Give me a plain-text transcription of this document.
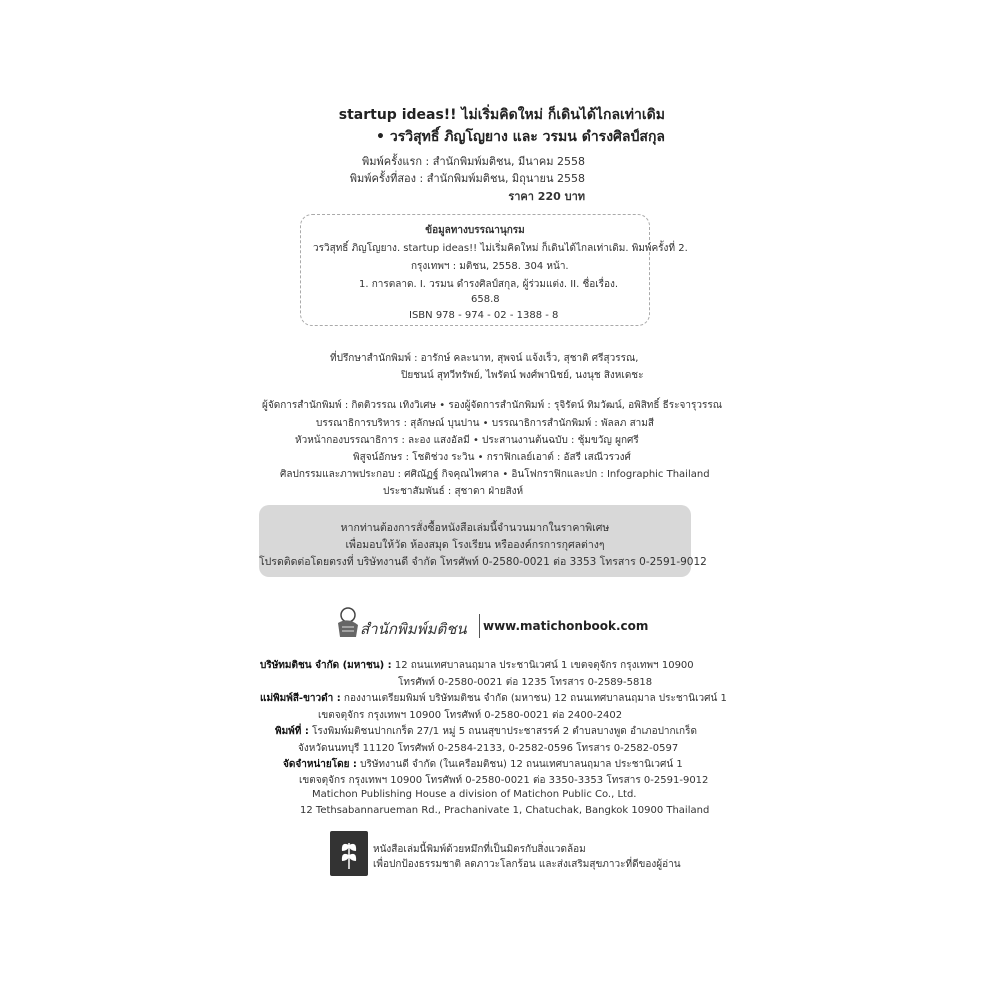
startup ideas!! ไม่เริ่มคิดใหม่ ก็เดินได้ไกลเท่าเดิม
• วรวิสุทธิ์ ภิญโญยาง และ วรมน ดำรงศิลป์สกุล
พิมพ์ครั้งแรก : สำนักพิมพ์มติชน, มีนาคม 2558
พิมพ์ครั้งที่สอง : สำนักพิมพ์มติชน, มิถุนายน 2558
ราคา 220 บาท
ข้อมูลทางบรรณานุกรม
วรวิสุทธิ์ ภิญโญยาง. startup ideas!! ไม่เริ่มคิดใหม่ ก็เดินได้ไกลเท่าเดิม. พิมพ์ครั้งที่ 2.
กรุงเทพฯ : มติชน, 2558. 304 หน้า.
1. การตลาด. I. วรมน ดำรงศิลป์สกุล, ผู้ร่วมแต่ง. II. ชื่อเรื่อง.
658.8
ISBN 978 - 974 - 02 - 1388 - 8
ที่ปรึกษาสำนักพิมพ์ : อารักษ์ คละนาท, สุพจน์ แจ้งเร็ว, สุชาติ ศรีสุวรรณ,
ปิยชนน์ สุทวีทรัพย์, ไพรัตน์ พงศ์พานิชย์, นงนุช สิงหเดชะ
ผู้จัดการสำนักพิมพ์ : กิตติวรรณ เทิงวิเศษ • รองผู้จัดการสำนักพิมพ์ : รุจิรัตน์ ทิมวัฒน์, อพิสิทธิ์ ธีระจารุวรรณ
บรรณาธิการบริหาร : สุลักษณ์ บุนปาน • บรรณาธิการสำนักพิมพ์ : พัลลภ สามสี
หัวหน้ากองบรรณาธิการ : ละอง แสงอัลมี • ประสานงานต้นฉบับ : ชุ้มขวัญ ผูกศรี
พิสูจน์อักษร : โชติช่วง ระวิน • กราฟิกเลย์เอาต์ : อัสรี เสณีวรวงศ์
ศิลปกรรมและภาพประกอบ : ศศิณัฏฐ์ กิจคุณไพศาล • อินโฟกราฟิกและปก : Infographic Thailand
ประชาสัมพันธ์ : สุชาดา ฝ่ายสิงห์
หากท่านต้องการสั่งซื้อหนังสือเล่มนี้จำนวนมากในราคาพิเศษ
เพื่อมอบให้วัด ห้องสมุด โรงเรียน หรือองค์กรการกุศลต่างๆ
โปรดติดต่อโดยตรงที่ บริษัทงานดี จำกัด โทรศัพท์ 0-2580-0021 ต่อ 3353 โทรสาร 0-2591-9012
สำนักพิมพ์มติชน www.matichonbook.com
บริษัทมติชน จำกัด (มหาชน) : 12 ถนนเทศบาลนฤมาล ประชานิเวศน์ 1 เขตจตุจักร กรุงเทพฯ 10900
โทรศัพท์ 0-2580-0021 ต่อ 1235 โทรสาร 0-2589-5818
แม่พิมพ์สี-ขาวดำ : กองงานเตรียมพิมพ์ บริษัทมติชน จำกัด (มหาชน) 12 ถนนเทศบาลนฤมาล ประชานิเวศน์ 1
เขตจตุจักร กรุงเทพฯ 10900 โทรศัพท์ 0-2580-0021 ต่อ 2400-2402
พิมพ์ที่ : โรงพิมพ์มติชนปากเกร็ด 27/1 หมู่ 5 ถนนสุขาประชาสรรค์ 2 ตำบลบางพูด อำเภอปากเกร็ด
จังหวัดนนทบุรี 11120 โทรศัพท์ 0-2584-2133, 0-2582-0596 โทรสาร 0-2582-0597
จัดจำหน่ายโดย : บริษัทงานดี จำกัด (ในเครือมติชน) 12 ถนนเทศบาลนฤมาล ประชานิเวศน์ 1
เขตจตุจักร กรุงเทพฯ 10900 โทรศัพท์ 0-2580-0021 ต่อ 3350-3353 โทรสาร 0-2591-9012
Matichon Publishing House a division of Matichon Public Co., Ltd.
12 Tethsabannarueman Rd., Prachanivate 1, Chatuchak, Bangkok 10900 Thailand
หนังสือเล่มนี้พิมพ์ด้วยหมึกที่เป็นมิตรกับสิ่งแวดล้อม
เพื่อปกป้องธรรมชาติ ลดภาวะโลกร้อน และส่งเสริมสุขภาวะที่ดีของผู้อ่าน
